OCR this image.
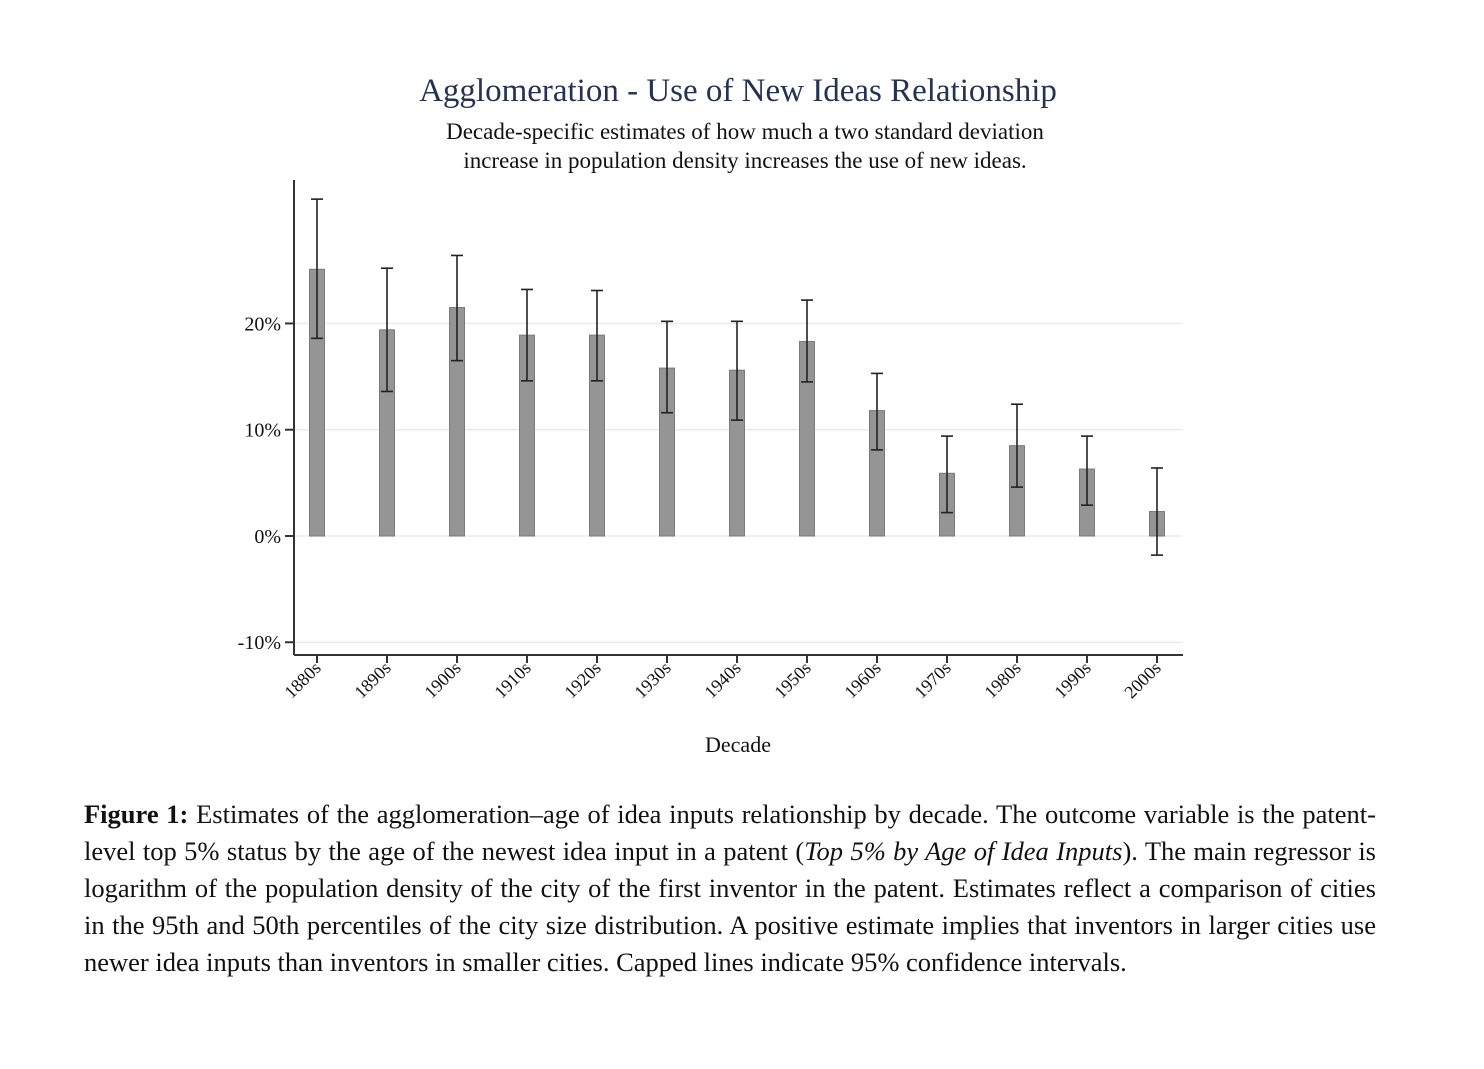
Agglomeration - Use of New Ideas Relationship
Decade-specific estimates of how much a two standard deviation
increase in population density increases the use of new ideas.
-10%
0%
10%
20%
1880s 1890s 1900s 1910s 1920s 1930s 1940s 1950s 1960s 1970s 1980s 1990s 2000s
Decade
Figure 1: Estimates of the agglomeration–age of idea inputs relationship by decade. The outcome variable is the patent-level top 5% status by the age of the newest idea input in a patent (Top 5% by Age of Idea Inputs). The main regressor is logarithm of the population density of the city of the first inventor in the patent. Estimates reflect a comparison of cities in the 95th and 50th percentiles of the city size distribution. A positive estimate implies that inventors in larger cities use newer idea inputs than inventors in smaller cities. Capped lines indicate 95% confidence intervals.
